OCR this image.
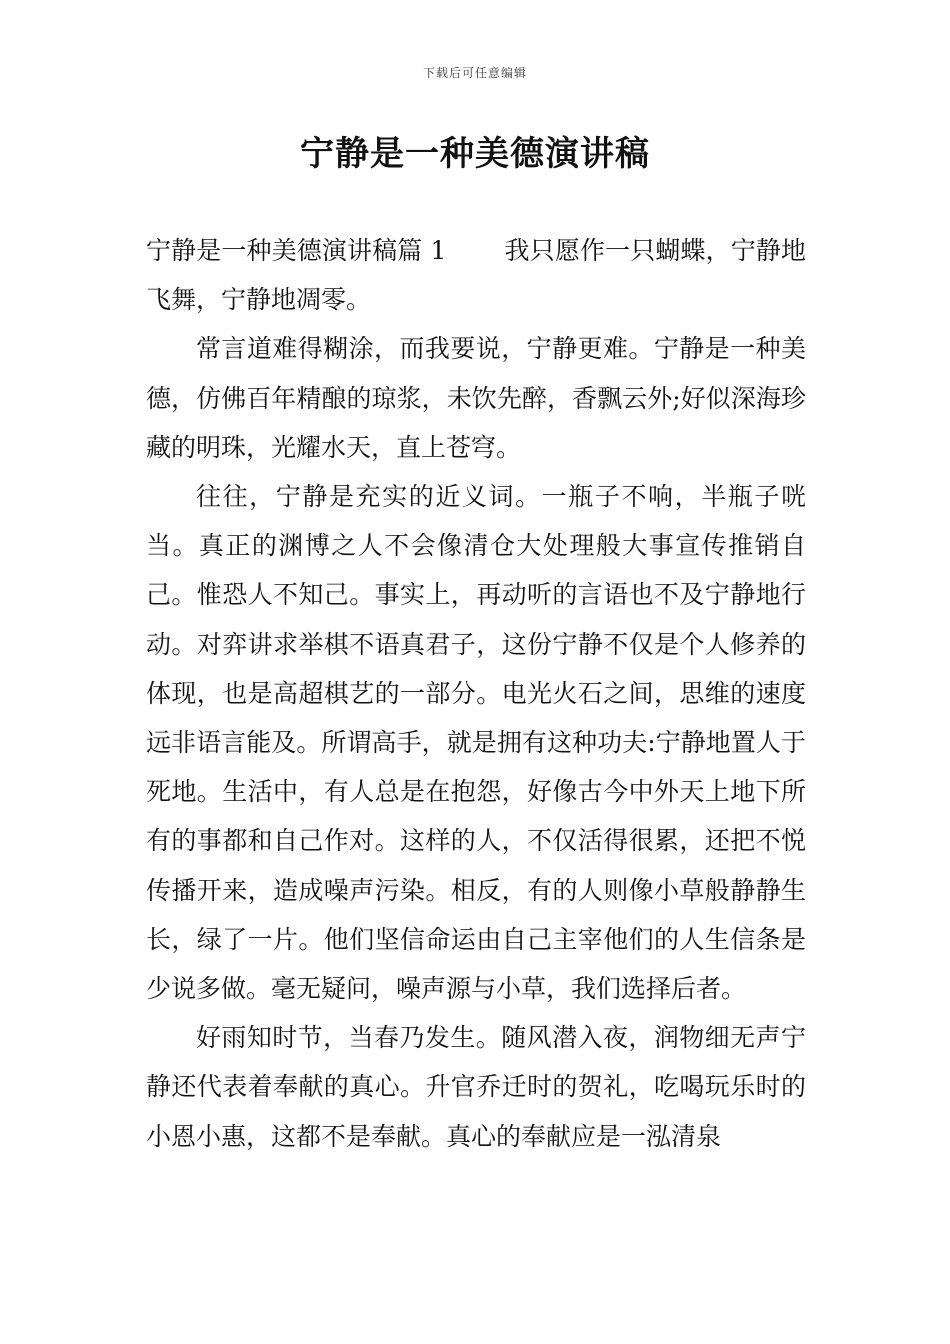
下载后可任意编辑
宁静是一种美德演讲稿

宁静是一种美德演讲稿篇 1 我只愿作一只蝴蝶，宁静地飞舞，宁静地凋零。

常言道难得糊涂，而我要说，宁静更难。宁静是一种美德，仿佛百年精酿的琼浆，未饮先醉，香飘云外;好似深海珍藏的明珠，光耀水天，直上苍穹。

往往，宁静是充实的近义词。一瓶子不响，半瓶子咣当。真正的渊博之人不会像清仓大处理般大事宣传推销自己。惟恐人不知己。事实上，再动听的言语也不及宁静地行动。对弈讲求举棋不语真君子，这份宁静不仅是个人修养的体现，也是高超棋艺的一部分。电光火石之间，思维的速度远非语言能及。所谓高手，就是拥有这种功夫:宁静地置人于死地。生活中，有人总是在抱怨，好像古今中外天上地下所有的事都和自己作对。这样的人，不仅活得很累，还把不悦传播开来，造成噪声污染。相反，有的人则像小草般静静生长，绿了一片。他们坚信命运由自己主宰他们的人生信条是少说多做。毫无疑问，噪声源与小草，我们选择后者。

好雨知时节，当春乃发生。随风潜入夜，润物细无声宁静还代表着奉献的真心。升官乔迁时的贺礼，吃喝玩乐时的小恩小惠，这都不是奉献。真心的奉献应是一泓清泉
